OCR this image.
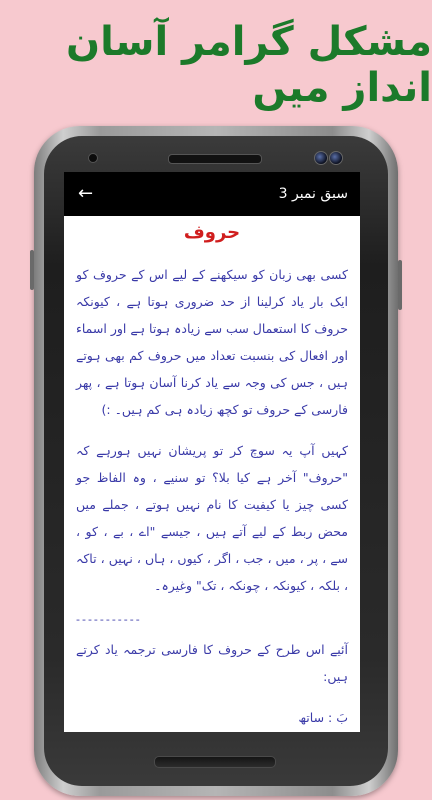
مشکل گرامر آسان انداز میں
←	سبق نمبر 3
حروف

کسی بھی زبان کو سیکھنے کے لیے اس کے حروف کو ایک بار یاد کرلینا از حد ضروری ہوتا ہے ، کیونکہ حروف کا استعمال سب سے زیادہ ہوتا ہے اور اسماء اور افعال کی بنسبت تعداد میں حروف کم بھی ہوتے ہیں ، جس کی وجہ سے یاد کرنا آسان ہوتا ہے ، پھر فارسی کے حروف تو کچھ زیادہ ہی کم ہیں۔ :)

کہیں آپ یہ سوچ کر تو پریشان نہیں ہورہے کہ "حروف" آخر ہے کیا بلا؟ تو سنیے ، وہ الفاظ جو کسی چیز یا کیفیت کا نام نہیں ہوتے ، جملے میں محض ربط کے لیے آتے ہیں ، جیسے "اے ، بے ، کو ، سے ، پر ، میں ، جب ، اگر ، کیوں ، ہاں ، نہیں ، تاکہ ، بلکہ ، کیونکہ ، چونکہ ، تک" وغیرہ۔

-----------

آئیے اس طرح کے حروف کا فارسی ترجمہ یاد کرتے ہیں:

بَ : ساتھ
